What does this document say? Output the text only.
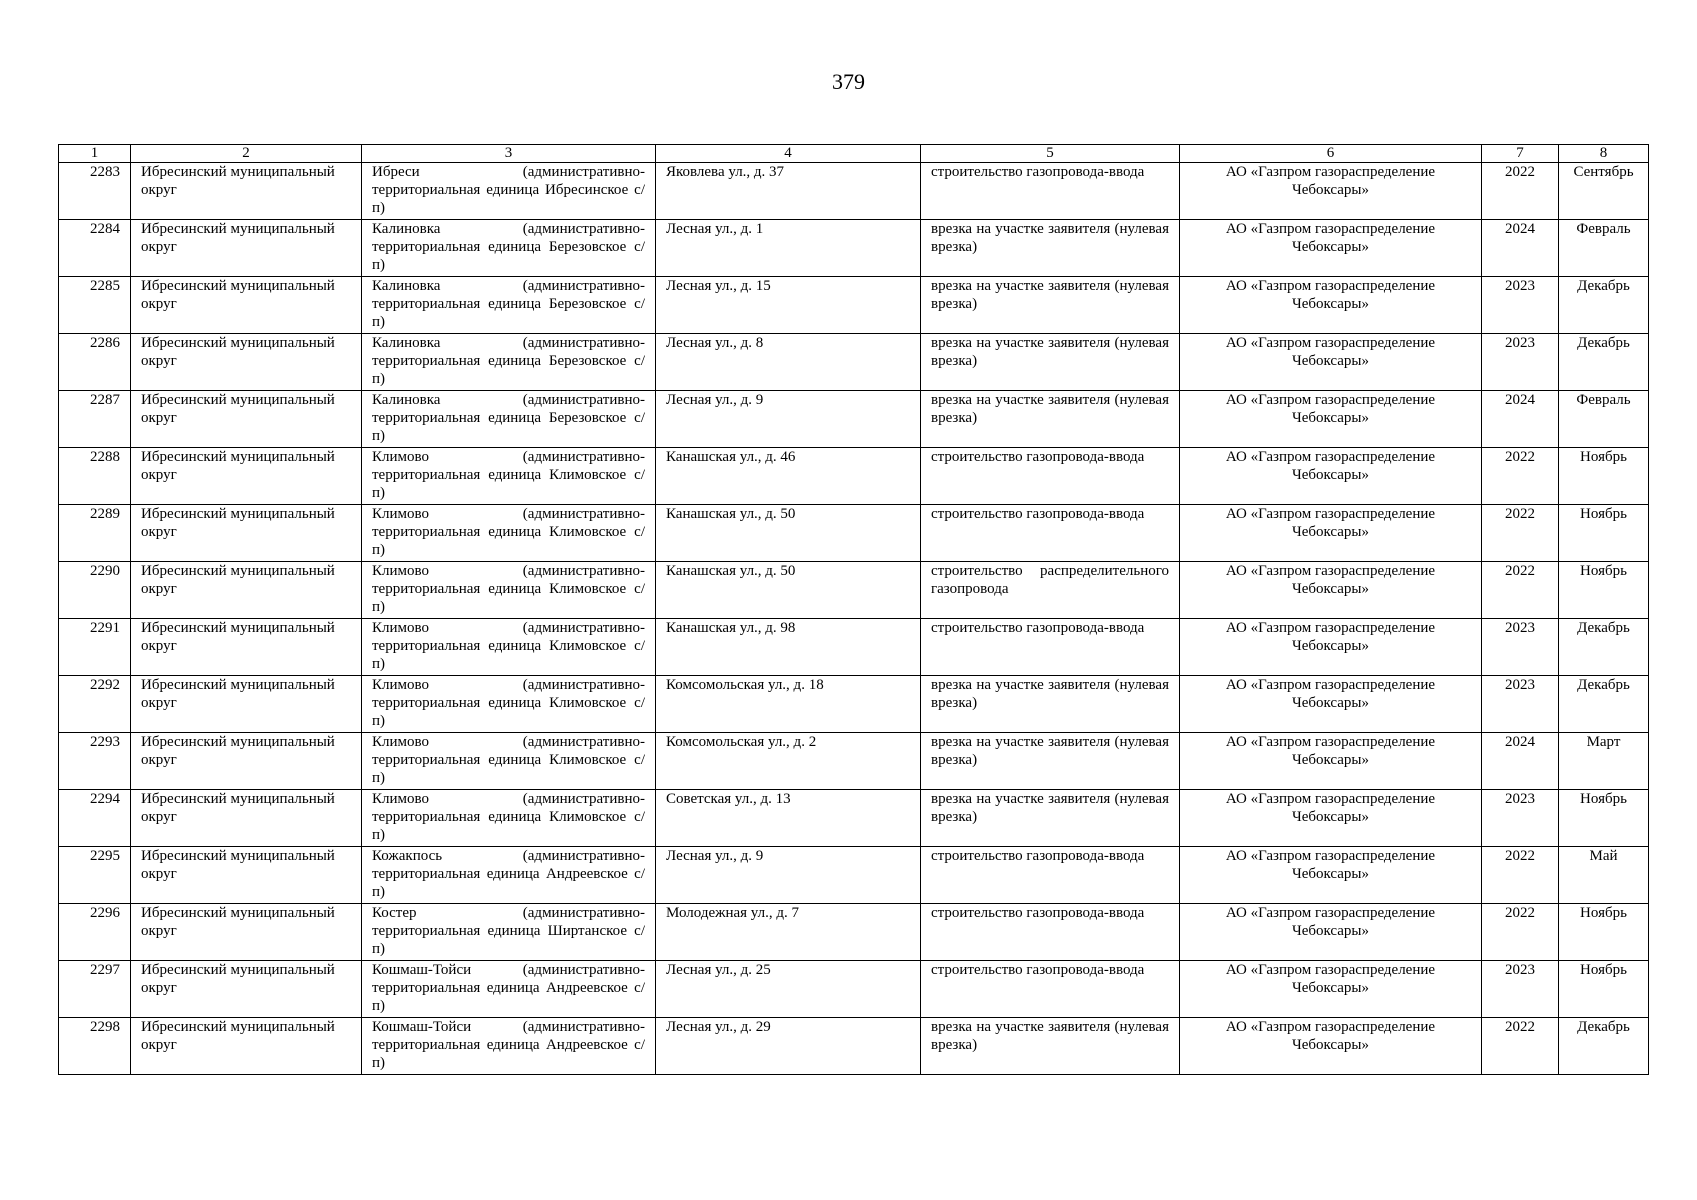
379
1	2	3	4	5	6	7	8
2283	Ибресинский муниципальный округ	Ибреси (административно-территориальная единица Ибресинское с/п)	Яковлева ул., д. 37	строительство газопровода-ввода	АО «Газпром газораспределение Чебоксары»	2022	Сентябрь
2284	Ибресинский муниципальный округ	Калиновка (административно-территориальная единица Березовское с/п)	Лесная ул., д. 1	врезка на участке заявителя (нулевая врезка)	АО «Газпром газораспределение Чебоксары»	2024	Февраль
2285	Ибресинский муниципальный округ	Калиновка (административно-территориальная единица Березовское с/п)	Лесная ул., д. 15	врезка на участке заявителя (нулевая врезка)	АО «Газпром газораспределение Чебоксары»	2023	Декабрь
2286	Ибресинский муниципальный округ	Калиновка (административно-территориальная единица Березовское с/п)	Лесная ул., д. 8	врезка на участке заявителя (нулевая врезка)	АО «Газпром газораспределение Чебоксары»	2023	Декабрь
2287	Ибресинский муниципальный округ	Калиновка (административно-территориальная единица Березовское с/п)	Лесная ул., д. 9	врезка на участке заявителя (нулевая врезка)	АО «Газпром газораспределение Чебоксары»	2024	Февраль
2288	Ибресинский муниципальный округ	Климово (административно-территориальная единица Климовское с/п)	Канашская ул., д. 46	строительство газопровода-ввода	АО «Газпром газораспределение Чебоксары»	2022	Ноябрь
2289	Ибресинский муниципальный округ	Климово (административно-территориальная единица Климовское с/п)	Канашская ул., д. 50	строительство газопровода-ввода	АО «Газпром газораспределение Чебоксары»	2022	Ноябрь
2290	Ибресинский муниципальный округ	Климово (административно-территориальная единица Климовское с/п)	Канашская ул., д. 50	строительство распределительного газопровода	АО «Газпром газораспределение Чебоксары»	2022	Ноябрь
2291	Ибресинский муниципальный округ	Климово (административно-территориальная единица Климовское с/п)	Канашская ул., д. 98	строительство газопровода-ввода	АО «Газпром газораспределение Чебоксары»	2023	Декабрь
2292	Ибресинский муниципальный округ	Климово (административно-территориальная единица Климовское с/п)	Комсомольская ул., д. 18	врезка на участке заявителя (нулевая врезка)	АО «Газпром газораспределение Чебоксары»	2023	Декабрь
2293	Ибресинский муниципальный округ	Климово (административно-территориальная единица Климовское с/п)	Комсомольская ул., д. 2	врезка на участке заявителя (нулевая врезка)	АО «Газпром газораспределение Чебоксары»	2024	Март
2294	Ибресинский муниципальный округ	Климово (административно-территориальная единица Климовское с/п)	Советская ул., д. 13	врезка на участке заявителя (нулевая врезка)	АО «Газпром газораспределение Чебоксары»	2023	Ноябрь
2295	Ибресинский муниципальный округ	Кожакпось (административно-территориальная единица Андреевское с/п)	Лесная ул., д. 9	строительство газопровода-ввода	АО «Газпром газораспределение Чебоксары»	2022	Май
2296	Ибресинский муниципальный округ	Костер (административно-территориальная единица Ширтанское с/п)	Молодежная ул., д. 7	строительство газопровода-ввода	АО «Газпром газораспределение Чебоксары»	2022	Ноябрь
2297	Ибресинский муниципальный округ	Кошмаш-Тойси (административно-территориальная единица Андреевское с/п)	Лесная ул., д. 25	строительство газопровода-ввода	АО «Газпром газораспределение Чебоксары»	2023	Ноябрь
2298	Ибресинский муниципальный округ	Кошмаш-Тойси (административно-территориальная единица Андреевское с/п)	Лесная ул., д. 29	врезка на участке заявителя (нулевая врезка)	АО «Газпром газораспределение Чебоксары»	2022	Декабрь
